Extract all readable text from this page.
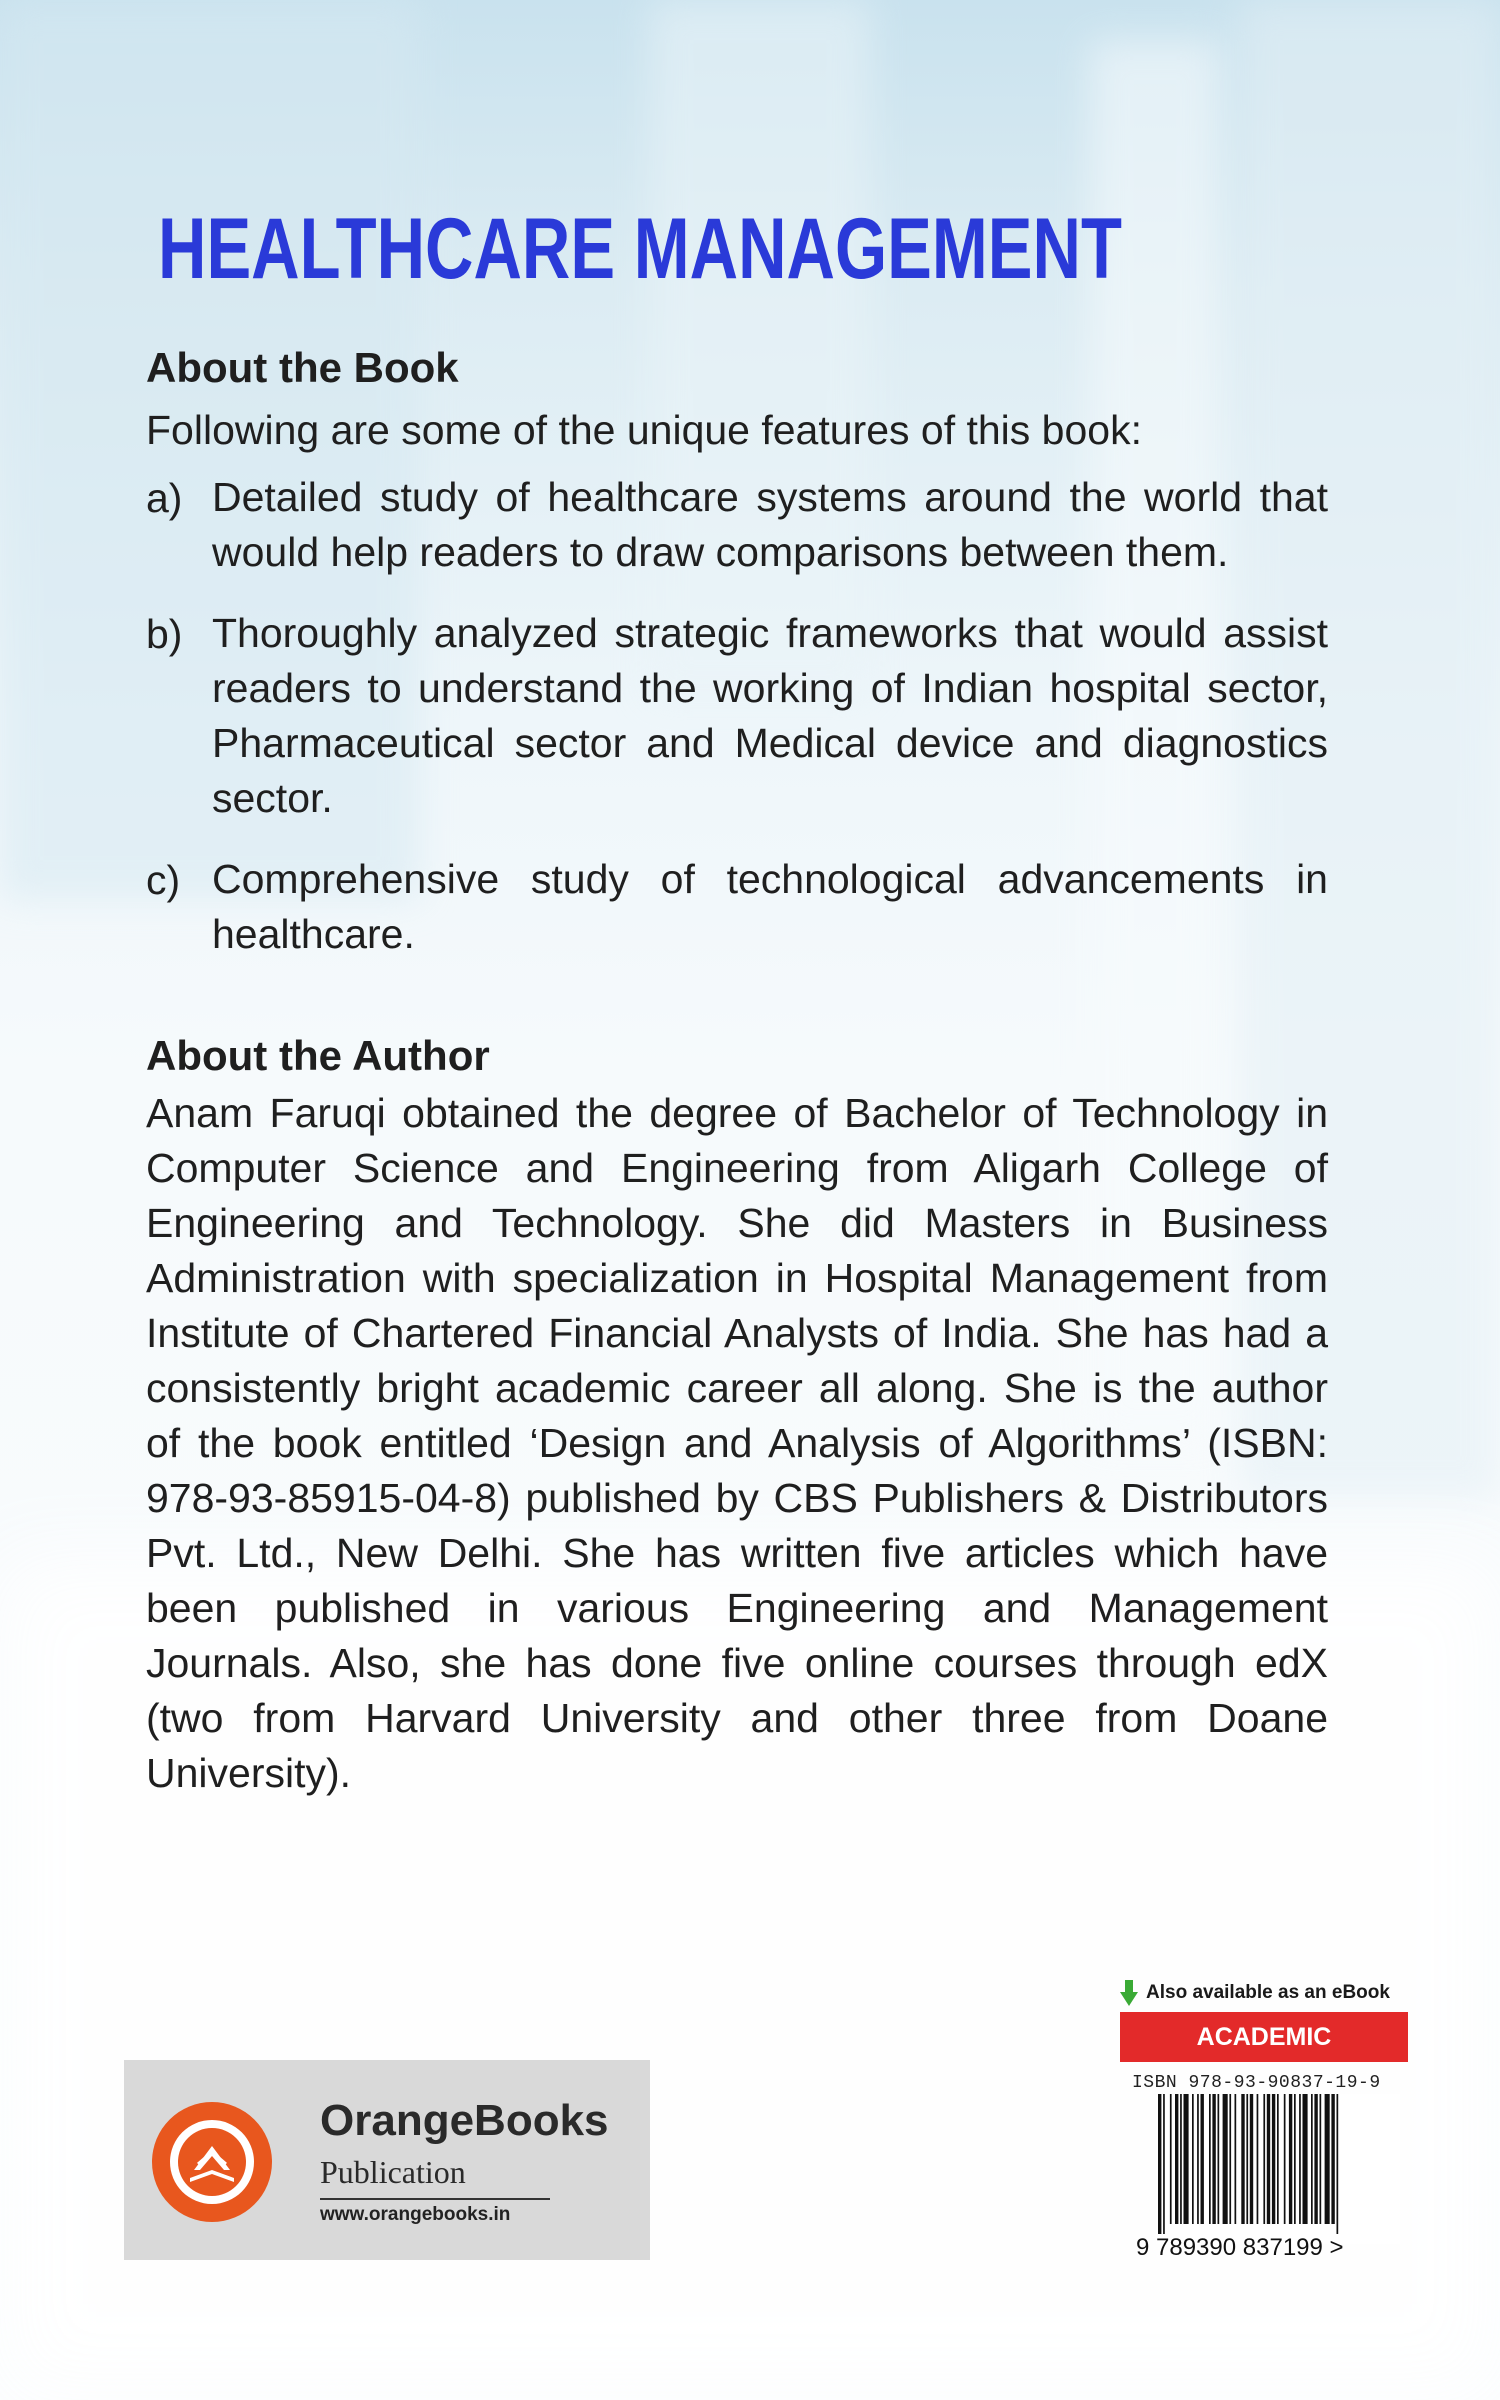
HEALTHCARE MANAGEMENT
About the Book

Following are some of the unique features of this book:

a) Detailed study of healthcare systems around the world that would help readers to draw comparisons between them.
b) Thoroughly analyzed strategic frameworks that would assist readers to understand the working of Indian hospital sector, Pharmaceutical sector and Medical device and diagnostics sector.
c) Comprehensive study of technological advancements in healthcare.
About the Author

Anam Faruqi obtained the degree of Bachelor of Technology in Computer Science and Engineering from Aligarh College of Engineering and Technology. She did Masters in Business Administration with specialization in Hospital Management from Institute of Chartered Financial Analysts of India. She has had a consistently bright academic career all along. She is the author of the book entitled ‘Design and Analysis of Algorithms’ (ISBN: 978-93-85915-04-8) published by CBS Publishers & Distributors Pvt. Ltd., New Delhi. She has written five articles which have been published in various Engineering and Management Journals. Also, she has done five online courses through edX (two from Harvard University and other three from Doane University).

OrangeBooks
Publication
www.orangebooks.in
Also available as an eBook
ACADEMIC
ISBN 978-93-90837-19-9
9 789390 837199 >
